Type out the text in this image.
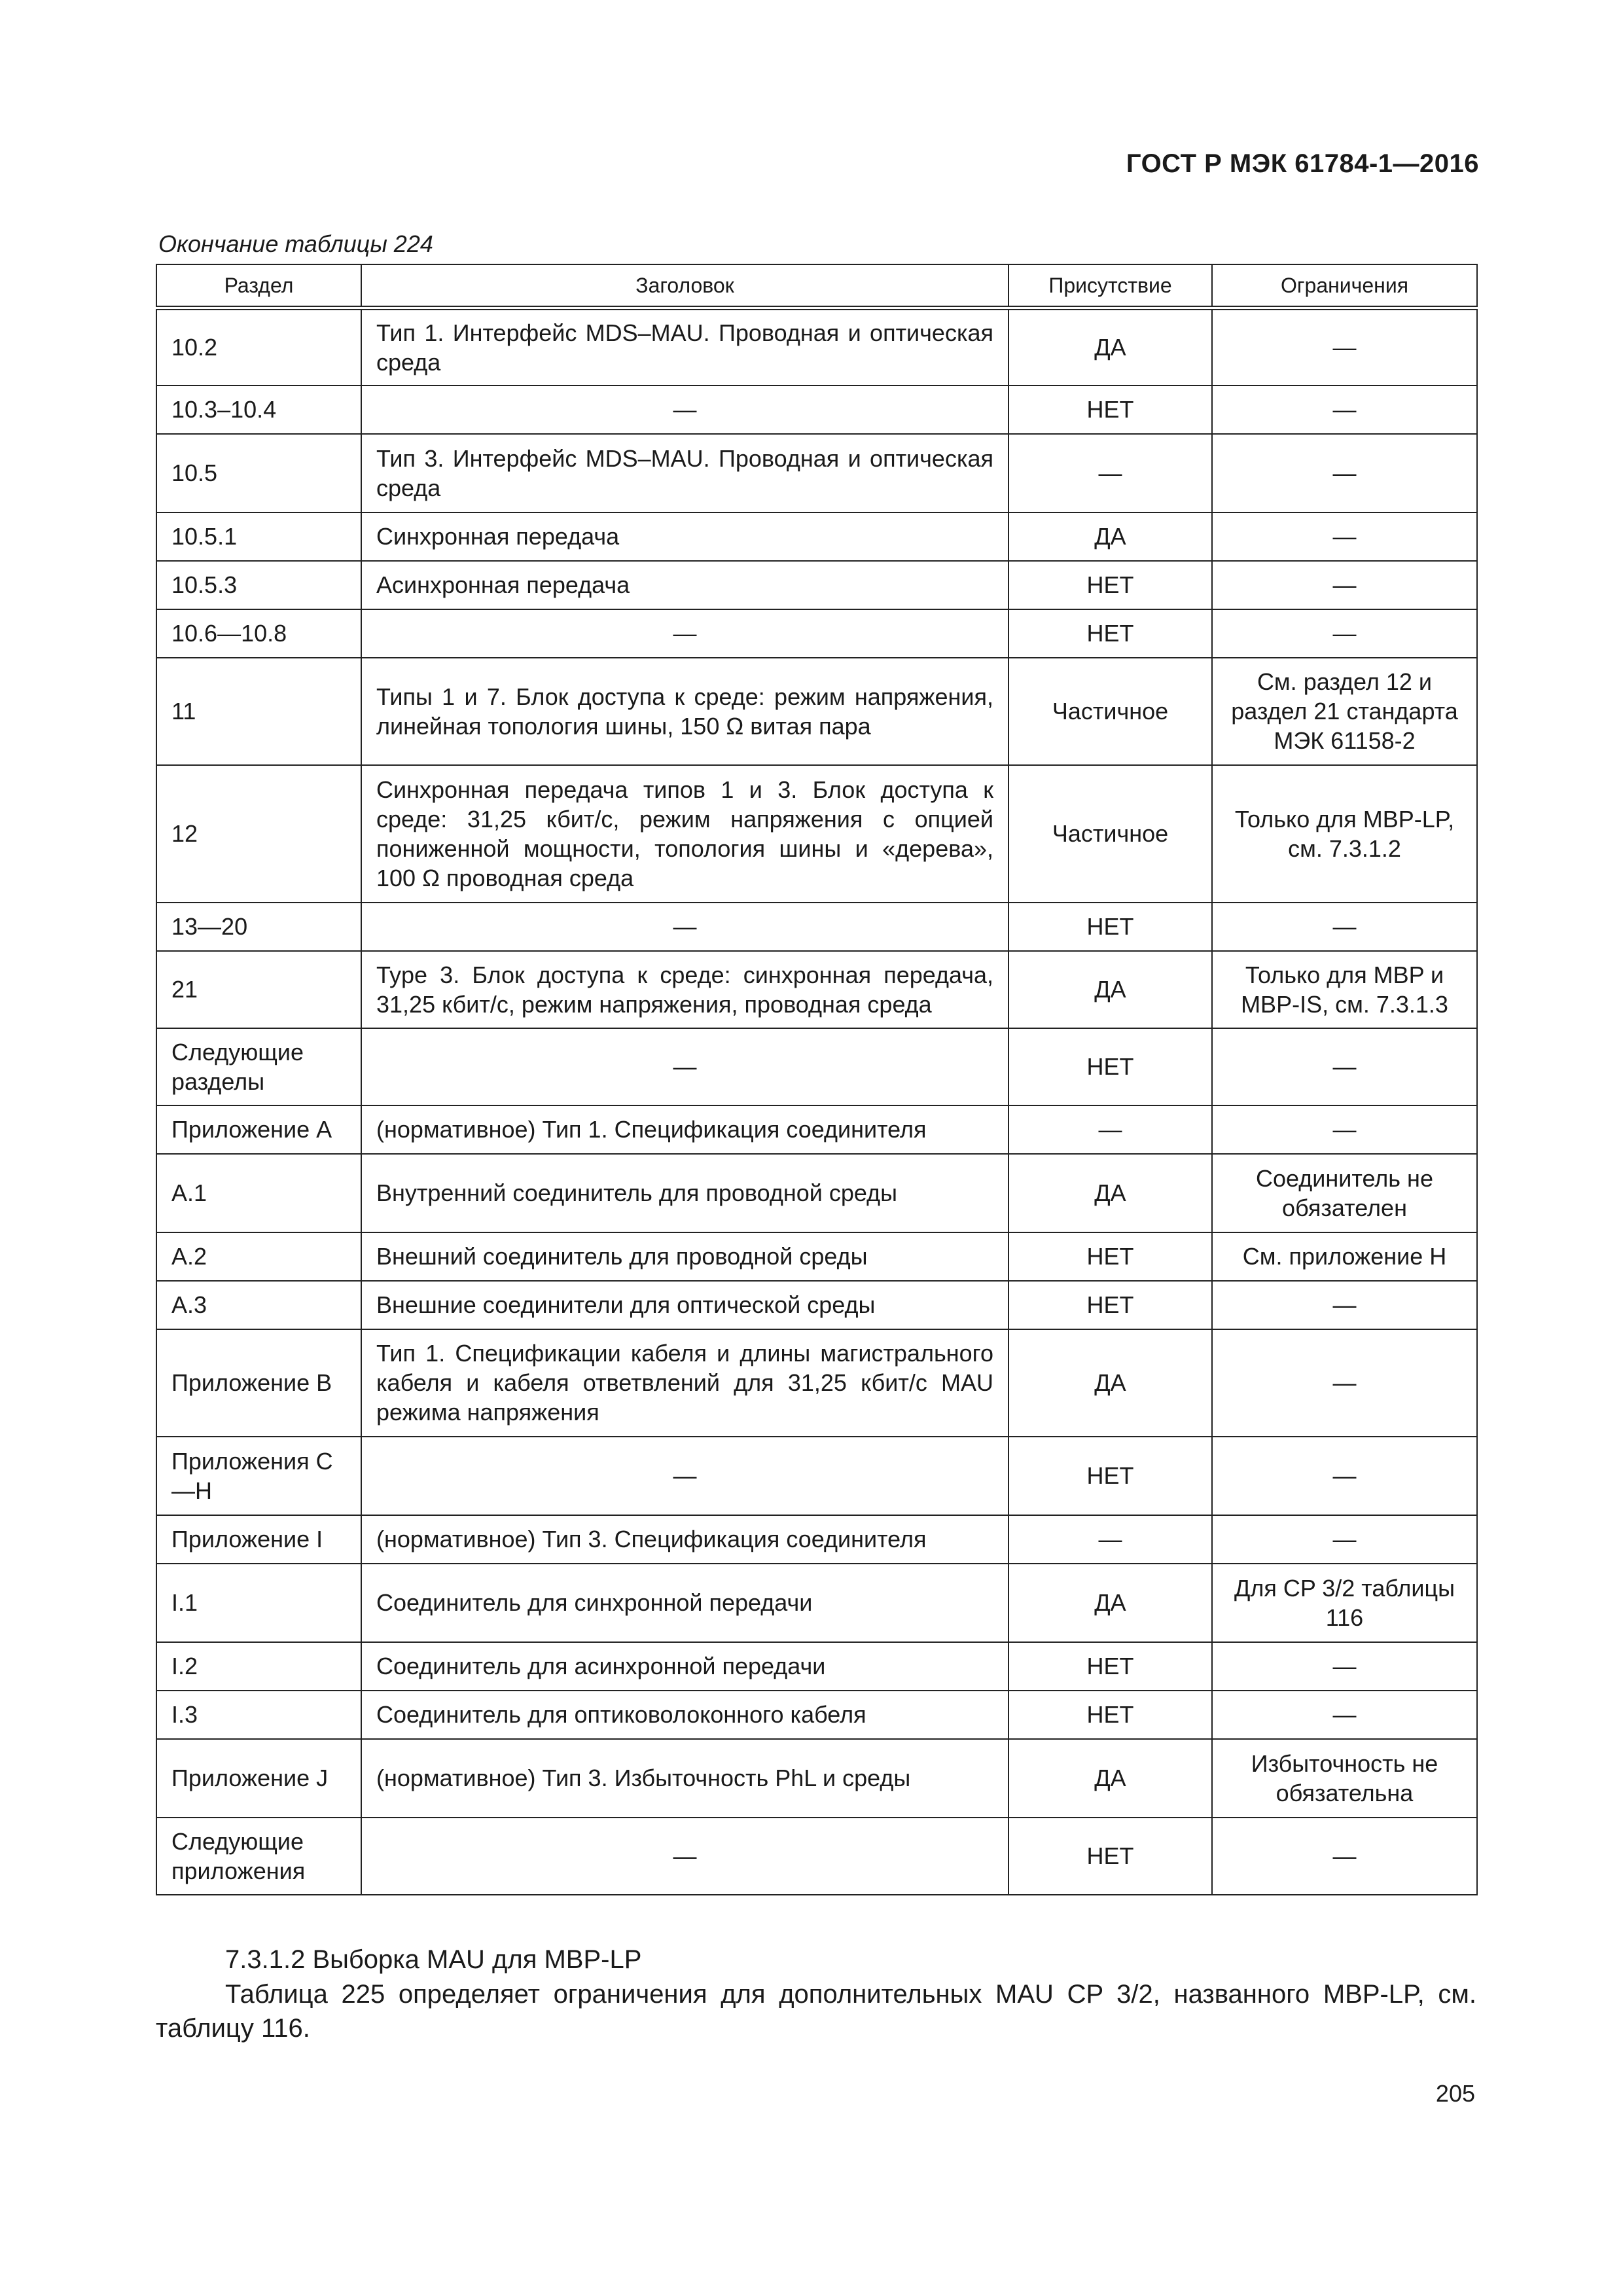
ГОСТ Р МЭК 61784-1—2016
Окончание таблицы 224
Раздел	Заголовок	Присутствие	Ограничения
10.2	Тип 1. Интерфейс MDS–MAU. Проводная и оптическая среда	ДА	—
10.3–10.4	—	НЕТ	—
10.5	Тип 3. Интерфейс MDS–MAU. Проводная и оптическая среда	—	—
10.5.1	Синхронная передача	ДА	—
10.5.3	Асинхронная передача	НЕТ	—
10.6—10.8	—	НЕТ	—
11	Типы 1 и 7. Блок доступа к среде: режим напряжения, линейная топология шины, 150 Ω витая пара	Частичное	См. раздел 12 и раздел 21 стандарта МЭК 61158-2
12	Синхронная передача типов 1 и 3. Блок доступа к среде: 31,25 кбит/с, режим напряжения с опцией пониженной мощности, топология шины и «дерева», 100 Ω проводная среда	Частичное	Только для MBP-LP, см. 7.3.1.2
13—20	—	НЕТ	—
21	Type 3. Блок доступа к среде: синхронная передача, 31,25 кбит/с, режим напряжения, проводная среда	ДА	Только для MBP и MBP-IS, см. 7.3.1.3
Следующие разделы	—	НЕТ	—
Приложение A	(нормативное) Тип 1. Спецификация соединителя	—	—
A.1	Внутренний соединитель для проводной среды	ДА	Соединитель не обязателен
A.2	Внешний соединитель для проводной среды	НЕТ	См. приложение H
A.3	Внешние соединители для оптической среды	НЕТ	—
Приложение B	Тип 1. Спецификации кабеля и длины магистрального кабеля и кабеля ответвлений для 31,25 кбит/с MAU режима напряжения	ДА	—
Приложения C—H	—	НЕТ	—
Приложение I	(нормативное) Тип 3. Спецификация соединителя	—	—
I.1	Соединитель для синхронной передачи	ДА	Для CP 3/2 таблицы 116
I.2	Соединитель для асинхронной передачи	НЕТ	—
I.3	Соединитель для оптиковолоконного кабеля	НЕТ	—
Приложение J	(нормативное) Тип 3. Избыточность PhL и среды	ДА	Избыточность не обязательна
Следующие приложения	—	НЕТ	—
7.3.1.2 Выборка MAU для MBP-LP
Таблица 225 определяет ограничения для дополнительных MAU CP 3/2, названного MBP-LP, см. таблицу 116.
205
